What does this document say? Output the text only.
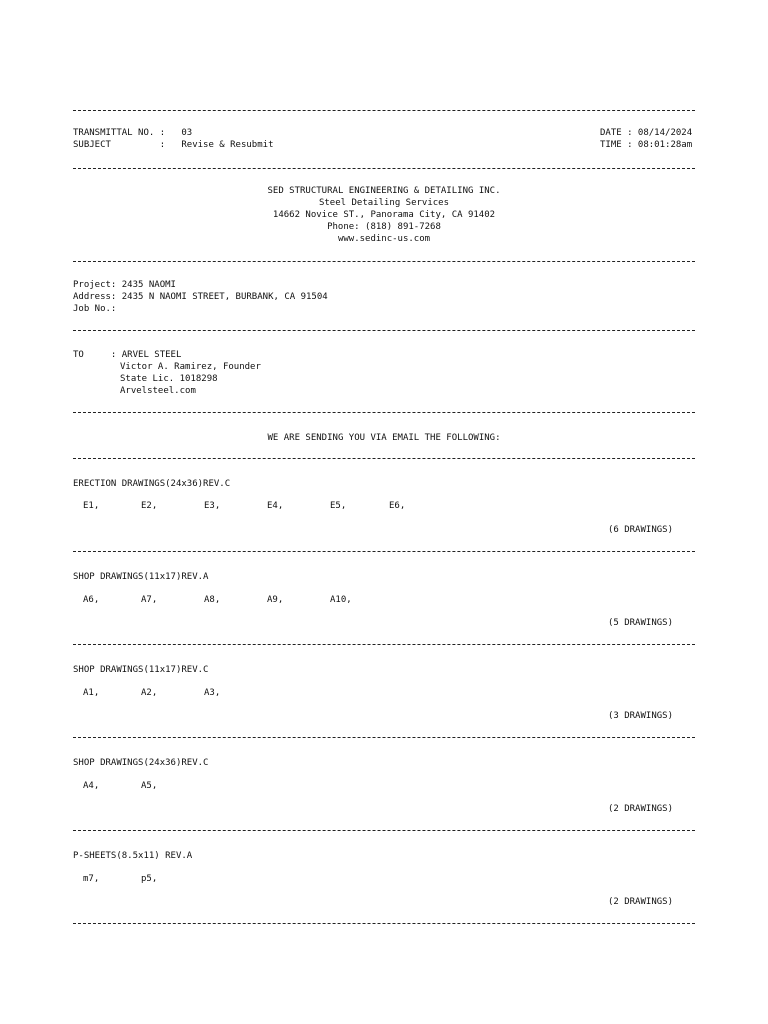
TRANSMITTAL NO. :   03
SUBJECT         :   Revise & Resubmit
DATE : 08/14/2024
TIME : 08:01:28am
SED STRUCTURAL ENGINEERING & DETAILING INC.
Steel Detailing Services
14662 Novice ST., Panorama City, CA 91402
Phone: (818) 891-7268
www.sedinc-us.com
Project: 2435 NAOMI
Address: 2435 N NAOMI STREET, BURBANK, CA 91504
Job No.:
TO     : ARVEL STEEL
Victor A. Ramirez, Founder
State Lic. 1018298
Arvelsteel.com
WE ARE SENDING YOU VIA EMAIL THE FOLLOWING:
ERECTION DRAWINGS(24x36)REV.C
E1,	E2,	E3,	E4,	E5,	E6,
(6 DRAWINGS)
SHOP DRAWINGS(11x17)REV.A
A6,	A7,	A8,	A9,	A10,
(5 DRAWINGS)
SHOP DRAWINGS(11x17)REV.C
A1,	A2,	A3,
(3 DRAWINGS)
SHOP DRAWINGS(24x36)REV.C
A4,	A5,
(2 DRAWINGS)
P-SHEETS(8.5x11) REV.A
m7,	p5,
(2 DRAWINGS)
